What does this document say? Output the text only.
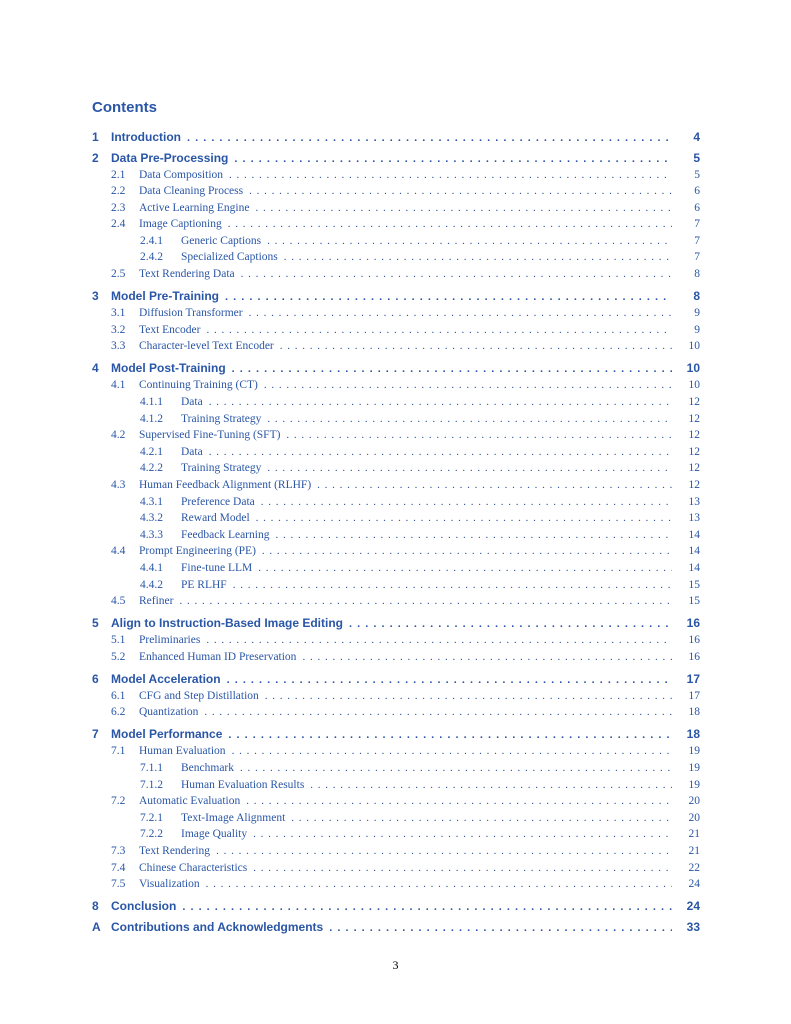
Contents
1	Introduction . . .	4
2	Data Pre-Processing . . .	5
2.1	Data Composition . . .	5
2.2	Data Cleaning Process . . .	6
2.3	Active Learning Engine . . .	6
2.4	Image Captioning . . .	7
2.4.1	Generic Captions . . .	7
2.4.2	Specialized Captions . . .	7
2.5	Text Rendering Data . . .	8
3	Model Pre-Training . . .	8
3.1	Diffusion Transformer . . .	9
3.2	Text Encoder . . .	9
3.3	Character-level Text Encoder . . .	10
4	Model Post-Training . . .	10
4.1	Continuing Training (CT) . . .	10
4.1.1	Data . . .	12
4.1.2	Training Strategy . . .	12
4.2	Supervised Fine-Tuning (SFT) . . .	12
4.2.1	Data . . .	12
4.2.2	Training Strategy . . .	12
4.3	Human Feedback Alignment (RLHF) . . .	12
4.3.1	Preference Data . . .	13
4.3.2	Reward Model . . .	13
4.3.3	Feedback Learning . . .	14
4.4	Prompt Engineering (PE) . . .	14
4.4.1	Fine-tune LLM . . .	14
4.4.2	PE RLHF . . .	15
4.5	Refiner . . .	15
5	Align to Instruction-Based Image Editing . . .	16
5.1	Preliminaries . . .	16
5.2	Enhanced Human ID Preservation . . .	16
6	Model Acceleration . . .	17
6.1	CFG and Step Distillation . . .	17
6.2	Quantization . . .	18
7	Model Performance . . .	18
7.1	Human Evaluation . . .	19
7.1.1	Benchmark . . .	19
7.1.2	Human Evaluation Results . . .	19
7.2	Automatic Evaluation . . .	20
7.2.1	Text-Image Alignment . . .	20
7.2.2	Image Quality . . .	21
7.3	Text Rendering . . .	21
7.4	Chinese Characteristics . . .	22
7.5	Visualization . . .	24
8	Conclusion . . .	24
A Contributions and Acknowledgments . . .	33
3
